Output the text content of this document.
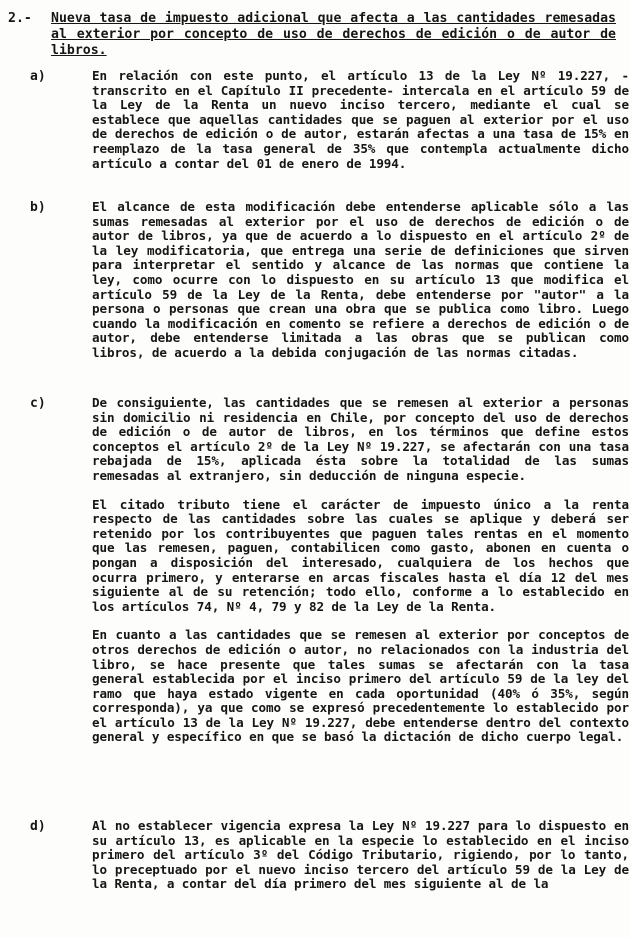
2.- Nueva tasa de impuesto adicional que afecta a las cantidades remesadas al exterior por concepto de uso de derechos de edición o de autor de libros.
a)	En relación con este punto, el artículo 13 de la Ley Nº 19.227, -transcrito en el Capítulo II precedente- intercala en el artículo 59 de la Ley de la Renta un nuevo inciso tercero, mediante el cual se establece que aquellas cantidades que se paguen al exterior por el uso de derechos de edición o de autor, estarán afectas a una tasa de 15% en reemplazo de la tasa general de 35% que contempla actualmente dicho artículo a contar del 01 de enero de 1994.

b)	El alcance de esta modificación debe entenderse aplicable sólo a las sumas remesadas al exterior por el uso de derechos de edición o de autor de libros, ya que de acuerdo a lo dispuesto en el artículo 2º de la ley modificatoria, que entrega una serie de definiciones que sirven para interpretar el sentido y alcance de las normas que contiene la ley, como ocurre con lo dispuesto en su artículo 13 que modifica el artículo 59 de la Ley de la Renta, debe entenderse por "autor" a la persona o personas que crean una obra que se publica como libro. Luego cuando la modificación en comento se refiere a derechos de edición o de autor, debe entenderse limitada a las obras que se publican como libros, de acuerdo a la debida conjugación de las normas citadas.

c)	De consiguiente, las cantidades que se remesen al exterior a personas sin domicilio ni residencia en Chile, por concepto del uso de derechos de edición o de autor de libros, en los términos que define estos conceptos el artículo 2º de la Ley Nº 19.227, se afectarán con una tasa rebajada de 15%, aplicada ésta sobre la totalidad de las sumas remesadas al extranjero, sin deducción de ninguna especie.

El citado tributo tiene el carácter de impuesto único a la renta respecto de las cantidades sobre las cuales se aplique y deberá ser retenido por los contribuyentes que paguen tales rentas en el momento que las remesen, paguen, contabilicen como gasto, abonen en cuenta o pongan a disposición del interesado, cualquiera de los hechos que ocurra primero, y enterarse en arcas fiscales hasta el día 12 del mes siguiente al de su retención; todo ello, conforme a lo establecido en los artículos 74, Nº 4, 79 y 82 de la Ley de la Renta.

En cuanto a las cantidades que se remesen al exterior por conceptos de otros derechos de edición o autor, no relacionados con la industria del libro, se hace presente que tales sumas se afectarán con la tasa general establecida por el inciso primero del artículo 59 de la ley del ramo que haya estado vigente en cada oportunidad (40% ó 35%, según corresponda), ya que como se expresó precedentemente lo establecido por el artículo 13 de la Ley Nº 19.227, debe entenderse dentro del contexto general y específico en que se basó la dictación de dicho cuerpo legal.

d)	Al no establecer vigencia expresa la Ley Nº 19.227 para lo dispuesto en su artículo 13, es aplicable en la especie lo establecido en el inciso primero del artículo 3º del Código Tributario, rigiendo, por lo tanto, lo preceptuado por el nuevo inciso tercero del artículo 59 de la Ley de la Renta, a contar del día primero del mes siguiente al de la
